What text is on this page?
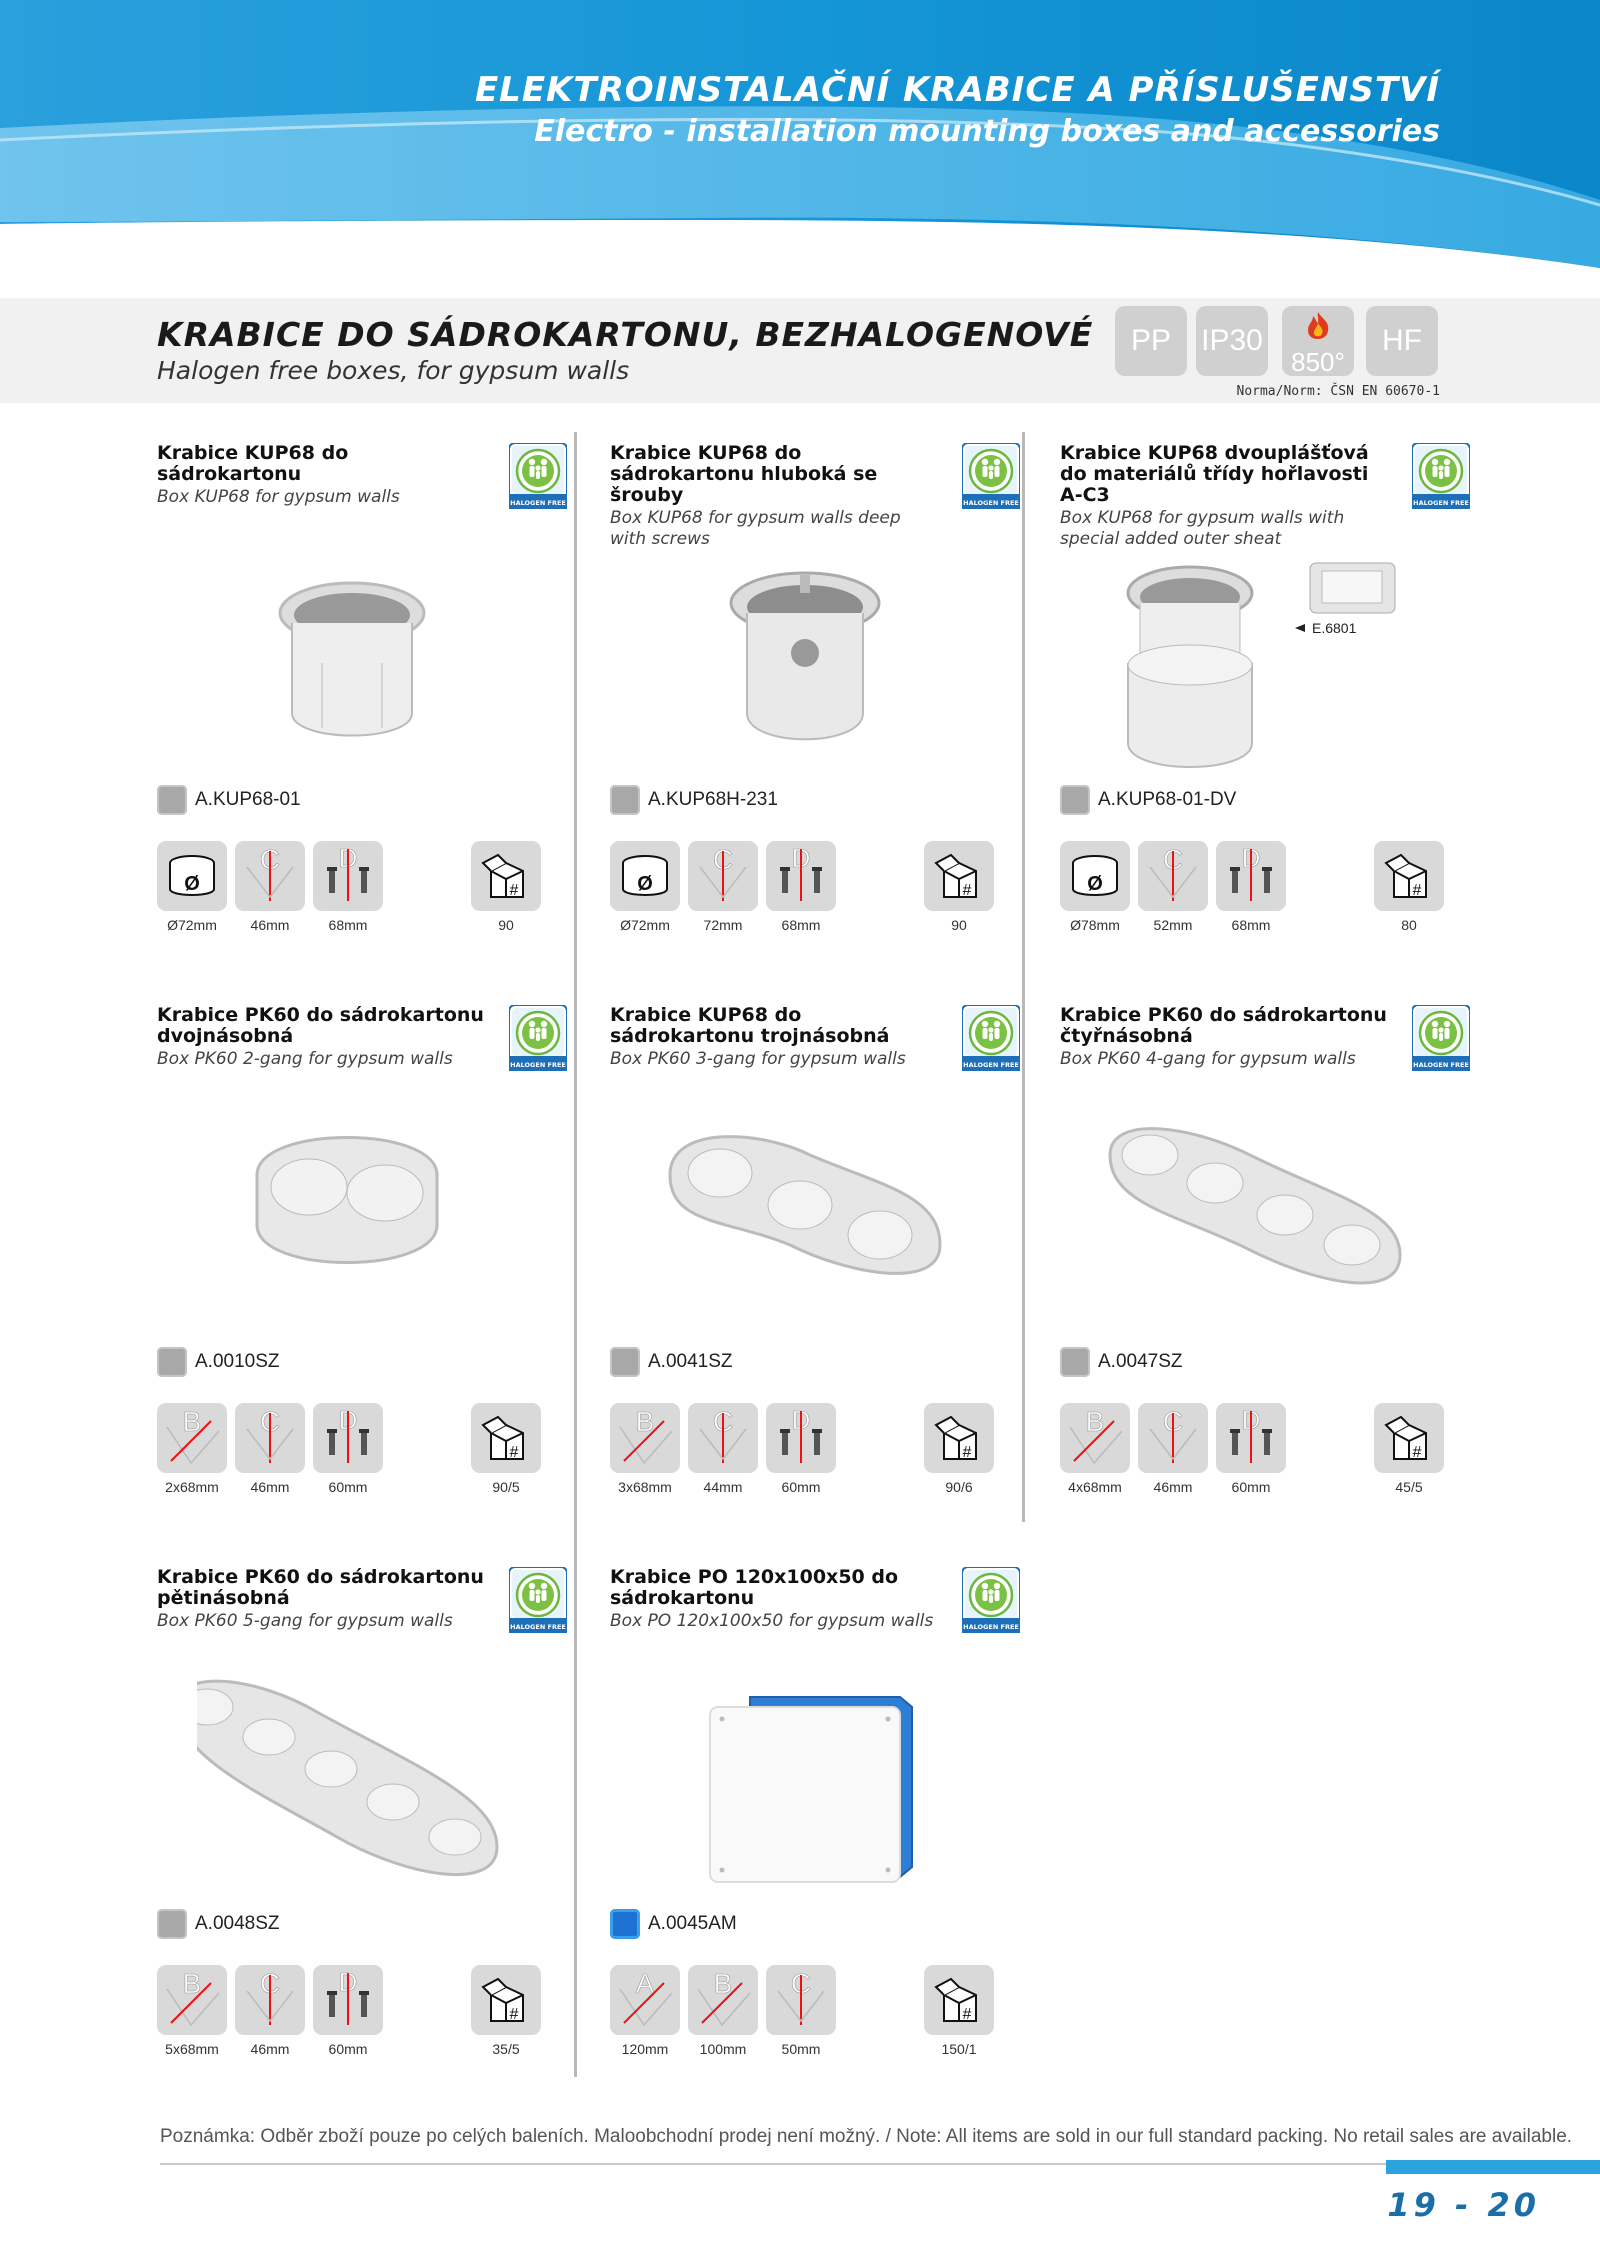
ELEKTROINSTALAČNÍ KRABICE A PŘÍSLUŠENSTVÍ
Electro - installation mounting boxes and accessories
KRABICE DO SÁDROKARTONU, BEZHALOGENOVÉ
Halogen free boxes, for gypsum walls
PP	IP30
850°
HF
Norma/Norm: ČSN EN 60670-1
Krabice KUP68 do sádrokartonu
Box KUP68 for gypsum walls	HALOGEN FREE
A.KUP68-01
Ø
C D
#
Ø72mm	46mm	68mm	90
Krabice KUP68 do sádrokartonu hluboká se šrouby
Box KUP68 for gypsum walls deep with screws
HALOGEN FREE
A.KUP68H-231
Ø
C D
#
Ø72mm	72mm	68mm	90
Krabice KUP68 dvouplášťová do materiálů třídy hořlavosti A-C3
Box KUP68 for gypsum walls with special added outer sheat
HALOGEN FREE
E.6801
A.KUP68-01-DV
Ø
C D
#
Ø78mm	52mm	68mm	80
Krabice PK60 do sádrokartonu dvojnásobná
Box PK60 2-gang for gypsum walls	HALOGEN FREE
A.0010SZ
B C D
#
2x68mm	46mm	60mm	90/5
Krabice KUP68 do sádrokartonu trojnásobná
Box PK60 3-gang for gypsum walls	HALOGEN FREE
A.0041SZ
B C D
#
3x68mm	44mm	60mm	90/6
Krabice PK60 do sádrokartonu čtyřnásobná
Box PK60 4-gang for gypsum walls	HALOGEN FREE
A.0047SZ
B C D
#
4x68mm	46mm	60mm	45/5
Krabice PK60 do sádrokartonu pětinásobná
Box PK60 5-gang for gypsum walls	HALOGEN FREE
A.0048SZ
B C D
#
5x68mm	46mm	60mm	35/5
Krabice PO 120x100x50 do sádrokartonu
Box PO 120x100x50 for gypsum walls	HALOGEN FREE
A.0045AM
A B C
#
120mm	100mm	50mm	150/1
Poznámka: Odběr zboží pouze po celých baleních. Maloobchodní prodej není možný. / Note: All items are sold in our full standard packing. No retail sales are available.
19 - 20
